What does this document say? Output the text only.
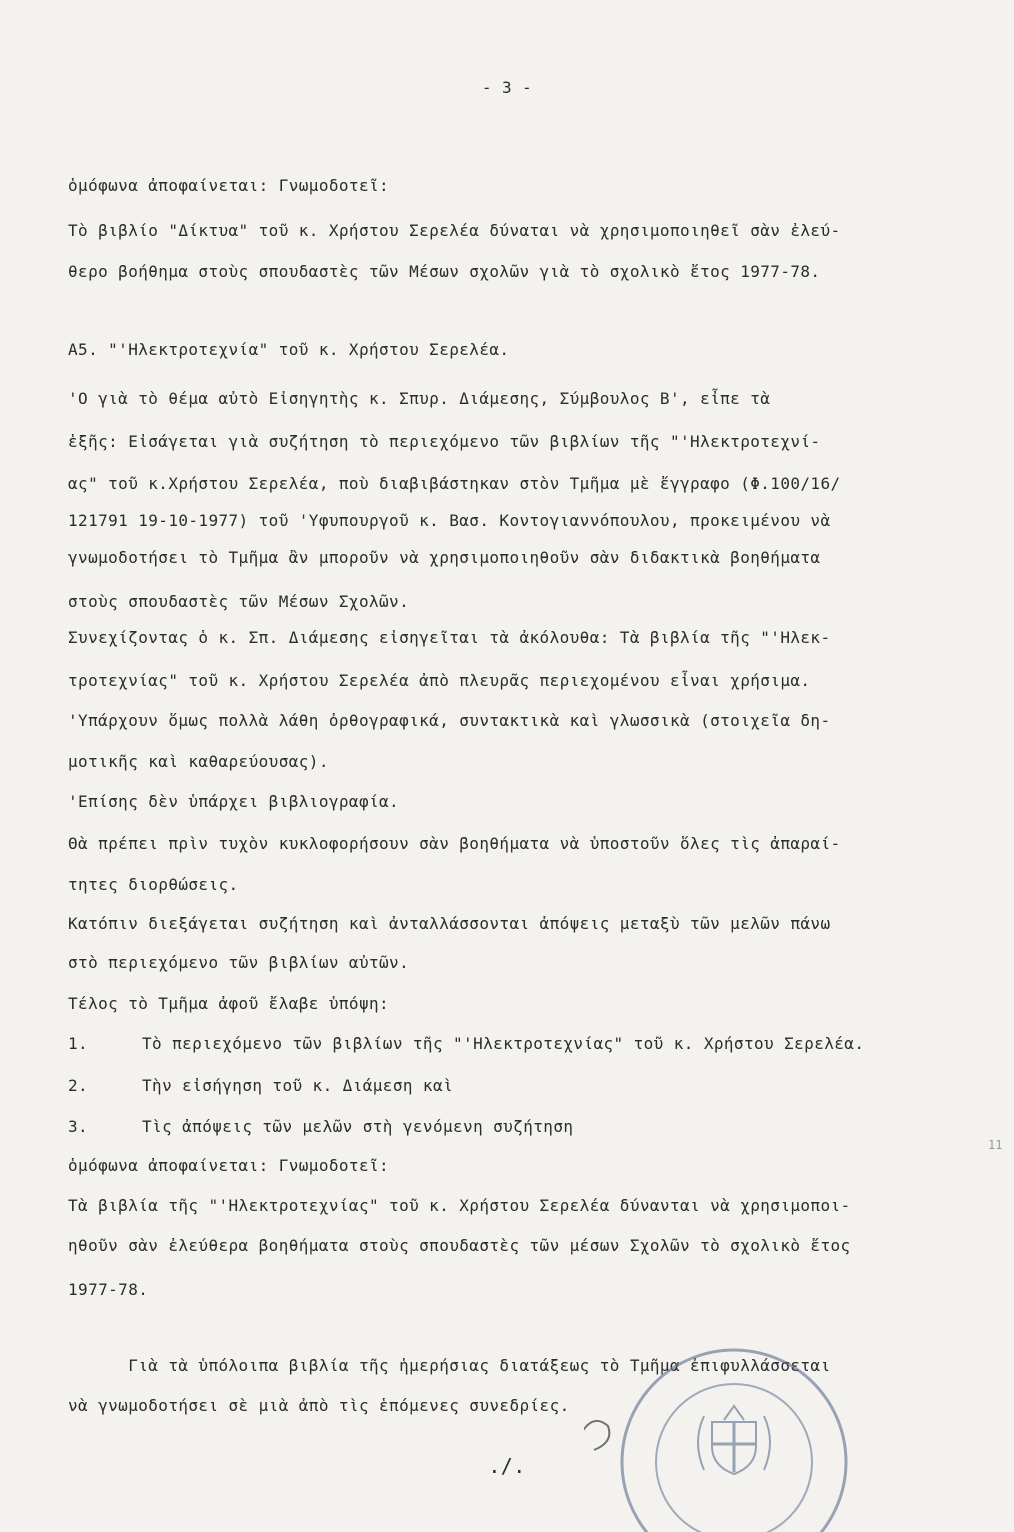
- 3 -
ὁμόφωνα ἀποφαίνεται: Γνωμοδοτεῖ:
Τὸ βιβλίο "Δίκτυα" τοῦ κ. Χρήστου Σερελέα δύναται νὰ χρησιμοποιηθεῖ σὰν ἐλεύ-
θερο βοήθημα στοὺς σπουδαστὲς τῶν Μέσων σχολῶν γιὰ τὸ σχολικὸ ἔτος 1977-78.
Α5. "'Ηλεκτροτεχνία" τοῦ κ. Χρήστου Σερελέα.
'Ο γιὰ τὸ θέμα αὐτὸ Εἰσηγητὴς κ. Σπυρ. Διάμεσης, Σύμβουλος Β', εἶπε τὰ
ἑξῆς: Εἰσάγεται γιὰ συζήτηση τὸ περιεχόμενο τῶν βιβλίων τῆς "'Ηλεκτροτεχνί-
ας" τοῦ κ.Χρήστου Σερελέα, ποὺ διαβιβάστηκαν στὸν Τμῆμα μὲ ἔγγραφο (Φ.100/16/
121791 19-10-1977) τοῦ 'Υφυπουργοῦ κ. Βασ. Κοντογιαννόπουλου, προκειμένου νὰ
γνωμοδοτήσει τὸ Τμῆμα ἂν μποροῦν νὰ χρησιμοποιηθοῦν σὰν διδακτικὰ βοηθήματα
στοὺς σπουδαστὲς τῶν Μέσων Σχολῶν.
Συνεχίζοντας ὁ κ. Σπ. Διάμεσης εἰσηγεῖται τὰ ἀκόλουθα: Τὰ βιβλία τῆς "'Ηλεκ-
τροτεχνίας" τοῦ κ. Χρήστου Σερελέα ἀπὸ πλευρᾶς περιεχομένου εἶναι χρήσιμα.
'Υπάρχουν ὅμως πολλὰ λάθη ὀρθογραφικά, συντακτικὰ καὶ γλωσσικὰ (στοιχεῖα δη-
μοτικῆς καὶ καθαρεύουσας).
'Επίσης δὲν ὑπάρχει βιβλιογραφία.
Θὰ πρέπει πρὶν τυχὸν κυκλοφορήσουν σὰν βοηθήματα νὰ ὑποστοῦν ὅλες τὶς ἀπαραί-
τητες διορθώσεις.
Κατόπιν διεξάγεται συζήτηση καὶ ἀνταλλάσσονται ἀπόψεις μεταξὺ τῶν μελῶν πάνω
στὸ περιεχόμενο τῶν βιβλίων αὐτῶν.
Τέλος τὸ Τμῆμα ἀφοῦ ἔλαβε ὑπόψη:
1.	Τὸ περιεχόμενο τῶν βιβλίων τῆς "'Ηλεκτροτεχνίας" τοῦ κ. Χρήστου Σερελέα.
2.	Τὴν εἰσήγηση τοῦ κ. Διάμεση καὶ
3.	Τὶς ἀπόψεις τῶν μελῶν στὴ γενόμενη συζήτηση
ὁμόφωνα ἀποφαίνεται: Γνωμοδοτεῖ:
Τὰ βιβλία τῆς "'Ηλεκτροτεχνίας" τοῦ κ. Χρήστου Σερελέα δύνανται νὰ χρησιμοποι-
ηθοῦν σὰν ἐλεύθερα βοηθήματα στοὺς σπουδαστὲς τῶν μέσων Σχολῶν τὸ σχολικὸ ἔτος
1977-78.
Γιὰ τὰ ὑπόλοιπα βιβλία τῆς ἡμερήσιας διατάξεως τὸ Τμῆμα ἐπιφυλλάσσεται
νὰ γνωμοδοτήσει σὲ μιὰ ἀπὸ τὶς ἑπόμενες συνεδρίες.
./.
11
